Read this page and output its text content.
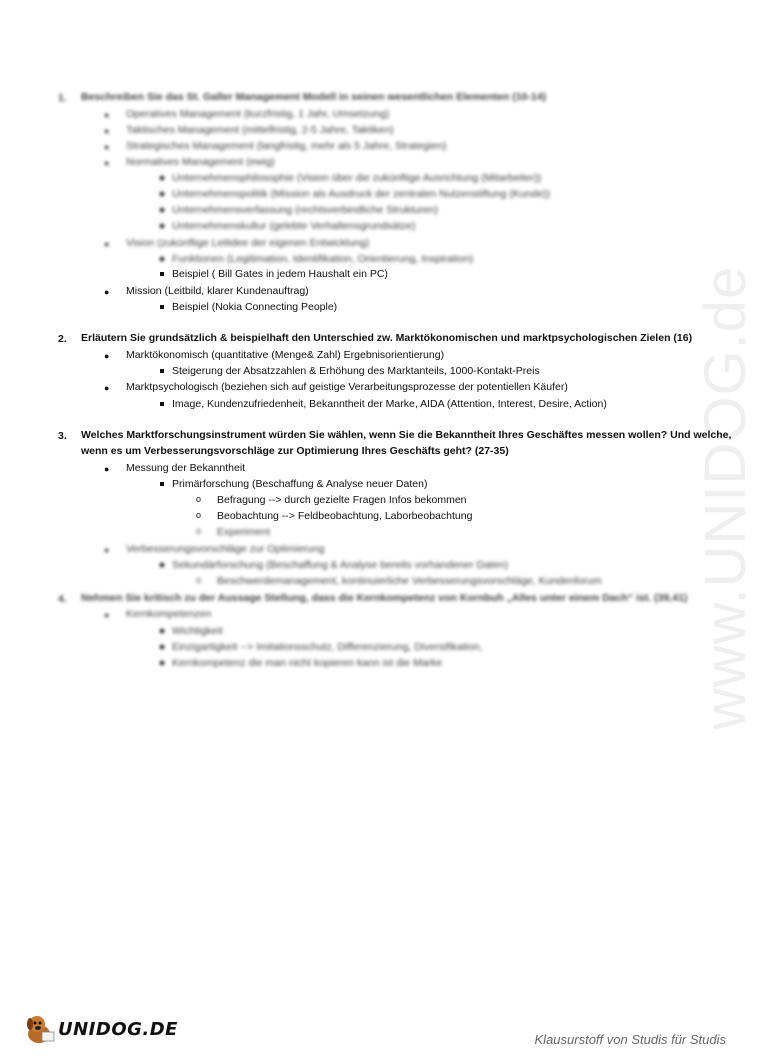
www.UNIDOG.de
1. Beschreiben Sie das St. Galler Management Modell in seinen wesentlichen Elementen (10-14)
● Operatives Management (kurzfristig, 1 Jahr, Umsetzung)
● Taktisches Management (mittelfristig, 2-5 Jahre, Taktiken)
● Strategisches Management (langfristig, mehr als 5 Jahre, Strategien)
● Normatives Management (ewig)
Unternehmensphilosophie (Vision über die zukünftige Ausrichtung (Mitarbeiter))
Unternehmenspolitik (Mission als Ausdruck der zentralen Nutzenstiftung (Kunde))
Unternehmensverfassung (rechtsverbindliche Strukturen)
Unternehmenskultur (gelebte Verhaltensgrundsätze)
● Vision (zukünftige Leitidee der eigenen Entwicklung)
Funktionen (Legitimation, Identifikation, Orientierung, Inspiration)
Beispiel ( Bill Gates in jedem Haushalt ein PC)
● Mission (Leitbild, klarer Kundenauftrag)
Beispiel (Nokia Connecting People)
2. Erläutern Sie grundsätzlich & beispielhaft den Unterschied zw. Marktökonomischen und marktpsychologischen Zielen (16)
● Marktökonomisch (quantitative (Menge& Zahl) Ergebnisorientierung)
Steigerung der Absatzzahlen & Erhöhung des Marktanteils, 1000-Kontakt-Preis
● Marktpsychologisch (beziehen sich auf geistige Verarbeitungsprozesse der potentiellen Käufer)
Image, Kundenzufriedenheit, Bekanntheit der Marke, AIDA (Attention, Interest, Desire, Action)
3. Welches Marktforschungsinstrument würden Sie wählen, wenn Sie die Bekanntheit Ihres Geschäftes messen wollen? Und welche,
wenn es um Verbesserungsvorschläge zur Optimierung Ihres Geschäfts geht? (27-35)
● Messung der Bekanntheit
Primärforschung (Beschaffung & Analyse neuer Daten)
o Befragung --> durch gezielte Fragen Infos bekommen
o Beobachtung --> Feldbeobachtung, Laborbeobachtung
o Experiment
● Verbesserungsvorschläge zur Optimierung
Sekundärforschung (Beschaffung & Analyse bereits vorhandener Daten)
o Beschwerdemanagement, kontinuierliche Verbesserungsvorschläge, Kundenforum
4. Nehmen Sie kritisch zu der Aussage Stellung, dass die Kernkompetenz von Kornbuh „Alles unter einem Dach“ ist. (39,41)
● Kernkompetenzen
Wichtigkeit
Einzigartigkeit --> Imitationsschutz, Differenzierung, Diversifikation,
Kernkompetenz die man nicht kopieren kann ist die Marke
UNIDOG.DE	Klausurstoff von Studis für Studis
